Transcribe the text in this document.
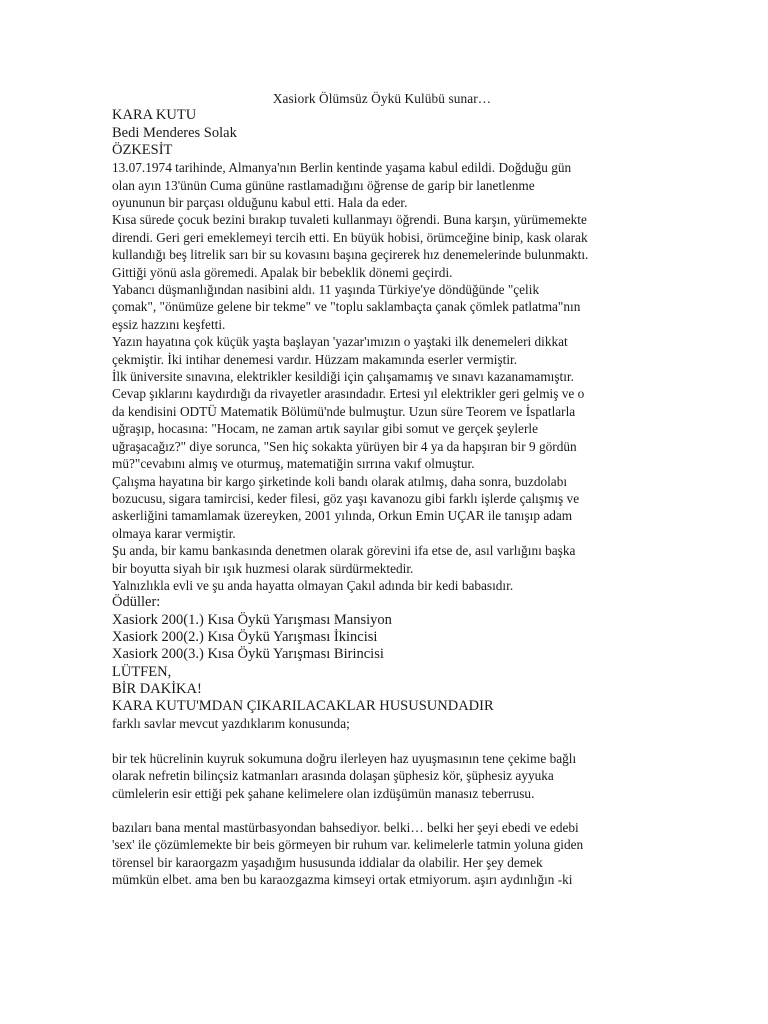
Xasiork Ölümsüz Öykü Kulübü sunar…
KARA KUTU
Bedi Menderes Solak
ÖZKESİT

13.07.1974 tarihinde, Almanya'nın Berlin kentinde yaşama kabul edildi. Doğduğu gün
olan ayın 13'ünün Cuma gününe rastlamadığını öğrense de garip bir lanetlenme
oyununun bir parçası olduğunu kabul etti. Hala da eder.

Kısa sürede çocuk bezini bırakıp tuvaleti kullanmayı öğrendi. Buna karşın, yürümemekte
direndi. Geri geri emeklemeyi tercih etti. En büyük hobisi, örümceğine binip, kask olarak
kullandığı beş litrelik sarı bir su kovasını başına geçirerek hız denemelerinde bulunmaktı.
Gittiği yönü asla göremedi. Apalak bir bebeklik dönemi geçirdi.

Yabancı düşmanlığından nasibini aldı. 11 yaşında Türkiye'ye döndüğünde "çelik
çomak", "önümüze gelene bir tekme" ve "toplu saklambaçta çanak çömlek patlatma"nın
eşsiz hazzını keşfetti.

Yazın hayatına çok küçük yaşta başlayan 'yazar'ımızın o yaştaki ilk denemeleri dikkat
çekmiştir. İki intihar denemesi vardır. Hüzzam makamında eserler vermiştir.

İlk üniversite sınavına, elektrikler kesildiği için çalışamamış ve sınavı kazanamamıştır.
Cevap şıklarını kaydırdığı da rivayetler arasındadır. Ertesi yıl elektrikler geri gelmiş ve o
da kendisini ODTÜ Matematik Bölümü'nde bulmuştur. Uzun süre Teorem ve İspatlarla
uğraşıp, hocasına: "Hocam, ne zaman artık sayılar gibi somut ve gerçek şeylerle
uğraşacağız?" diye sorunca, "Sen hiç sokakta yürüyen bir 4 ya da hapşıran bir 9 gördün
mü?"cevabını almış ve oturmuş, matematiğin sırrına vakıf olmuştur.

Çalışma hayatına bir kargo şirketinde koli bandı olarak atılmış, daha sonra, buzdolabı
bozucusu, sigara tamircisi, keder filesi, göz yaşı kavanozu gibi farklı işlerde çalışmış ve
askerliğini tamamlamak üzereyken, 2001 yılında, Orkun Emin UÇAR ile tanışıp adam
olmaya karar vermiştir.

Şu anda, bir kamu bankasında denetmen olarak görevini ifa etse de, asıl varlığını başka
bir boyutta siyah bir ışık huzmesi olarak sürdürmektedir.

Yalnızlıkla evli ve şu anda hayatta olmayan Çakıl adında bir kedi babasıdır.

Ödüller:
Xasiork 200(1.) Kısa Öykü Yarışması Mansiyon
Xasiork 200(2.) Kısa Öykü Yarışması İkincisi
Xasiork 200(3.) Kısa Öykü Yarışması Birincisi
LÜTFEN,
BİR DAKİKA!
KARA KUTU'MDAN ÇIKARILACAKLAR HUSUSUNDADIR
farklı savlar mevcut yazdıklarım konusunda;

bir tek hücrelinin kuyruk sokumuna doğru ilerleyen haz uyuşmasının tene çekime bağlı
olarak nefretin bilinçsiz katmanları arasında dolaşan şüphesiz kör, şüphesiz ayyuka
cümlelerin esir ettiği pek şahane kelimelere olan izdüşümün manasız teberrusu.

bazıları bana mental mastürbasyondan bahsediyor. belki… belki her şeyi ebedi ve edebi
'sex' ile çözümlemekte bir beis görmeyen bir ruhum var. kelimelerle tatmin yoluna giden
törensel bir karaorgazm yaşadığım hususunda iddialar da olabilir. Her şey demek
mümkün elbet. ama ben bu karaozgazma kimseyi ortak etmiyorum. aşırı aydınlığın -ki
